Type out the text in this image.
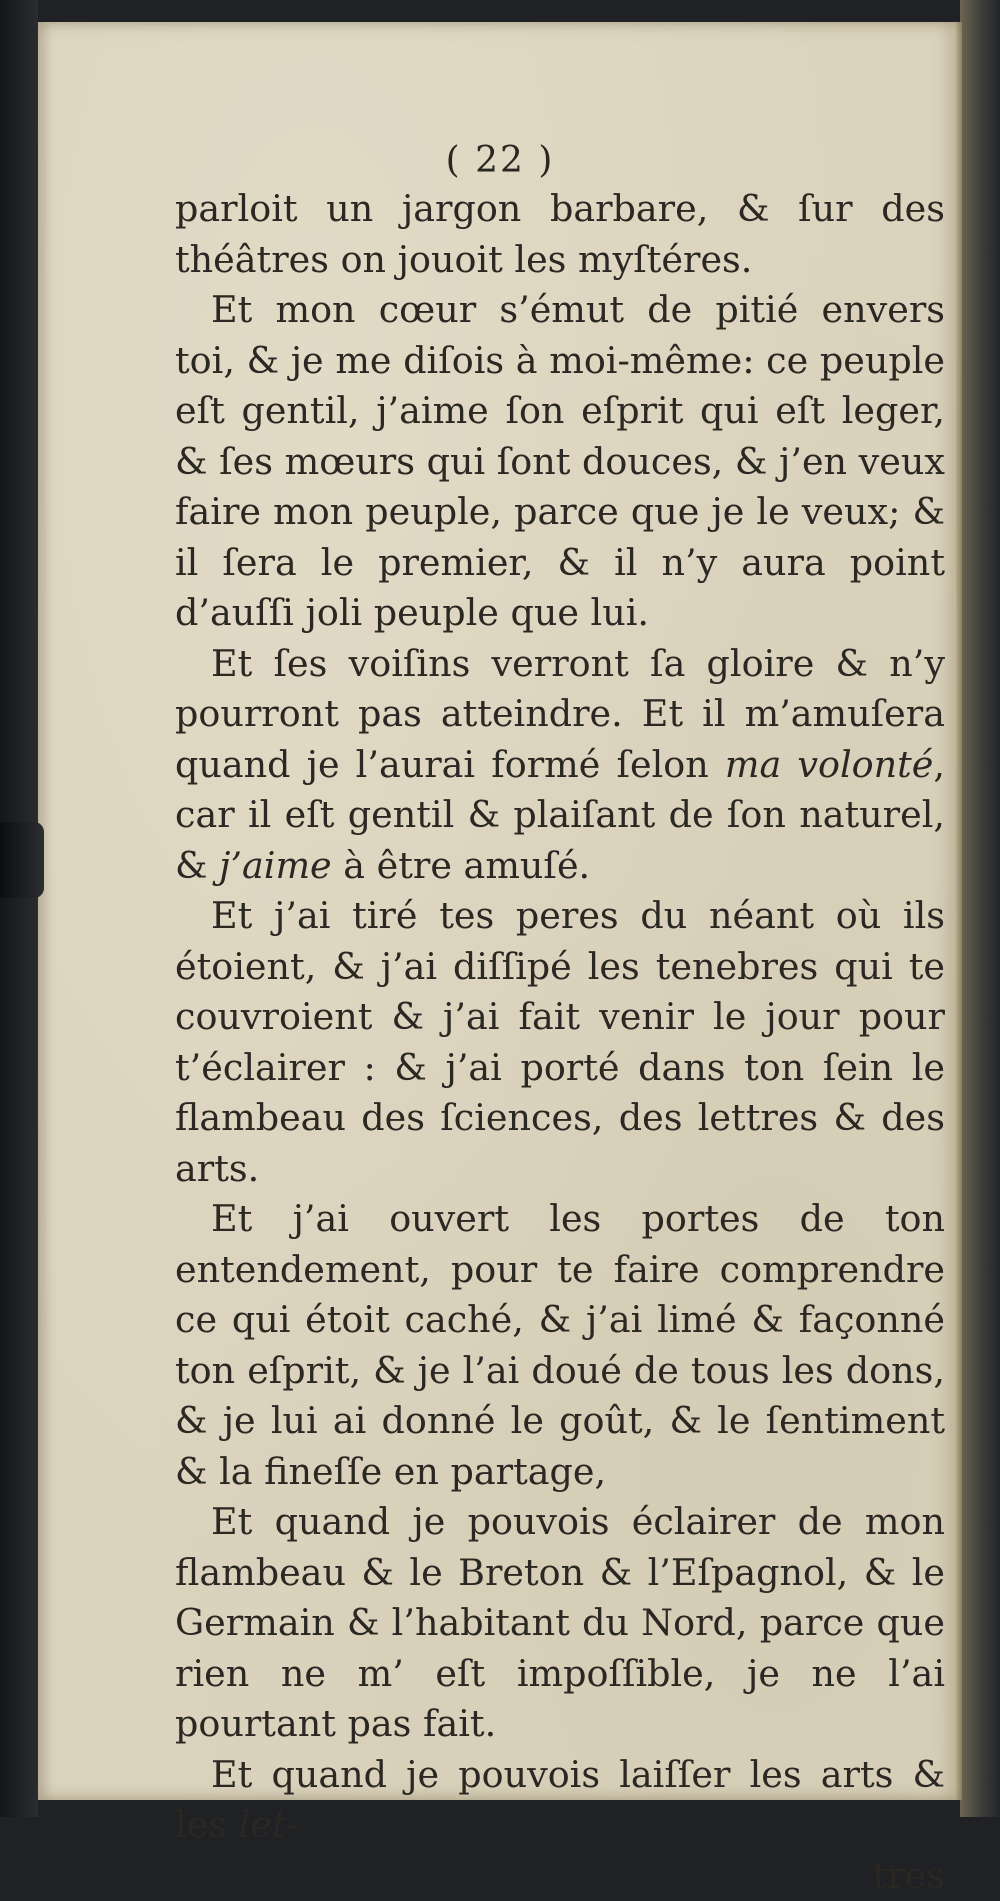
( 22 )

parloit un jargon barbare, & ſur des théâtres on jouoit les myſtéres.

Et mon cœur s’émut de pitié envers toi, & je me diſois à moi-même: ce peuple eſt gentil, j’aime ſon eſprit qui eſt leger, & ſes mœurs qui ſont douces, & j’en veux faire mon peuple, parce que je le veux; & il ſera le premier, & il n’y aura point d’auſſi joli peuple que lui.

Et ſes voiſins verront ſa gloire & n’y pourront pas atteindre. Et il m’amuſera quand je l’aurai formé ſelon ma volonté, car il eſt gentil & plaiſant de ſon naturel, & j’aime à être amuſé.

Et j’ai tiré tes peres du néant où ils étoient, & j’ai diſſipé les tenebres qui te couvroient & j’ai fait venir le jour pour t’éclairer : & j’ai porté dans ton ſein le flambeau des ſciences, des lettres & des arts.

Et j’ai ouvert les portes de ton entendement, pour te faire comprendre ce qui étoit caché, & j’ai limé & façonné ton eſprit, & je l’ai doué de tous les dons, & je lui ai donné le goût, & le ſentiment & la fineſſe en partage,

Et quand je pouvois éclairer de mon flambeau & le Breton & l’Eſpagnol, & le Germain & l’habitant du Nord, parce que rien ne m’ eſt impoſſible, je ne l’ai pourtant pas fait.

Et quand je pouvois laiſſer les arts & les let-

tres
